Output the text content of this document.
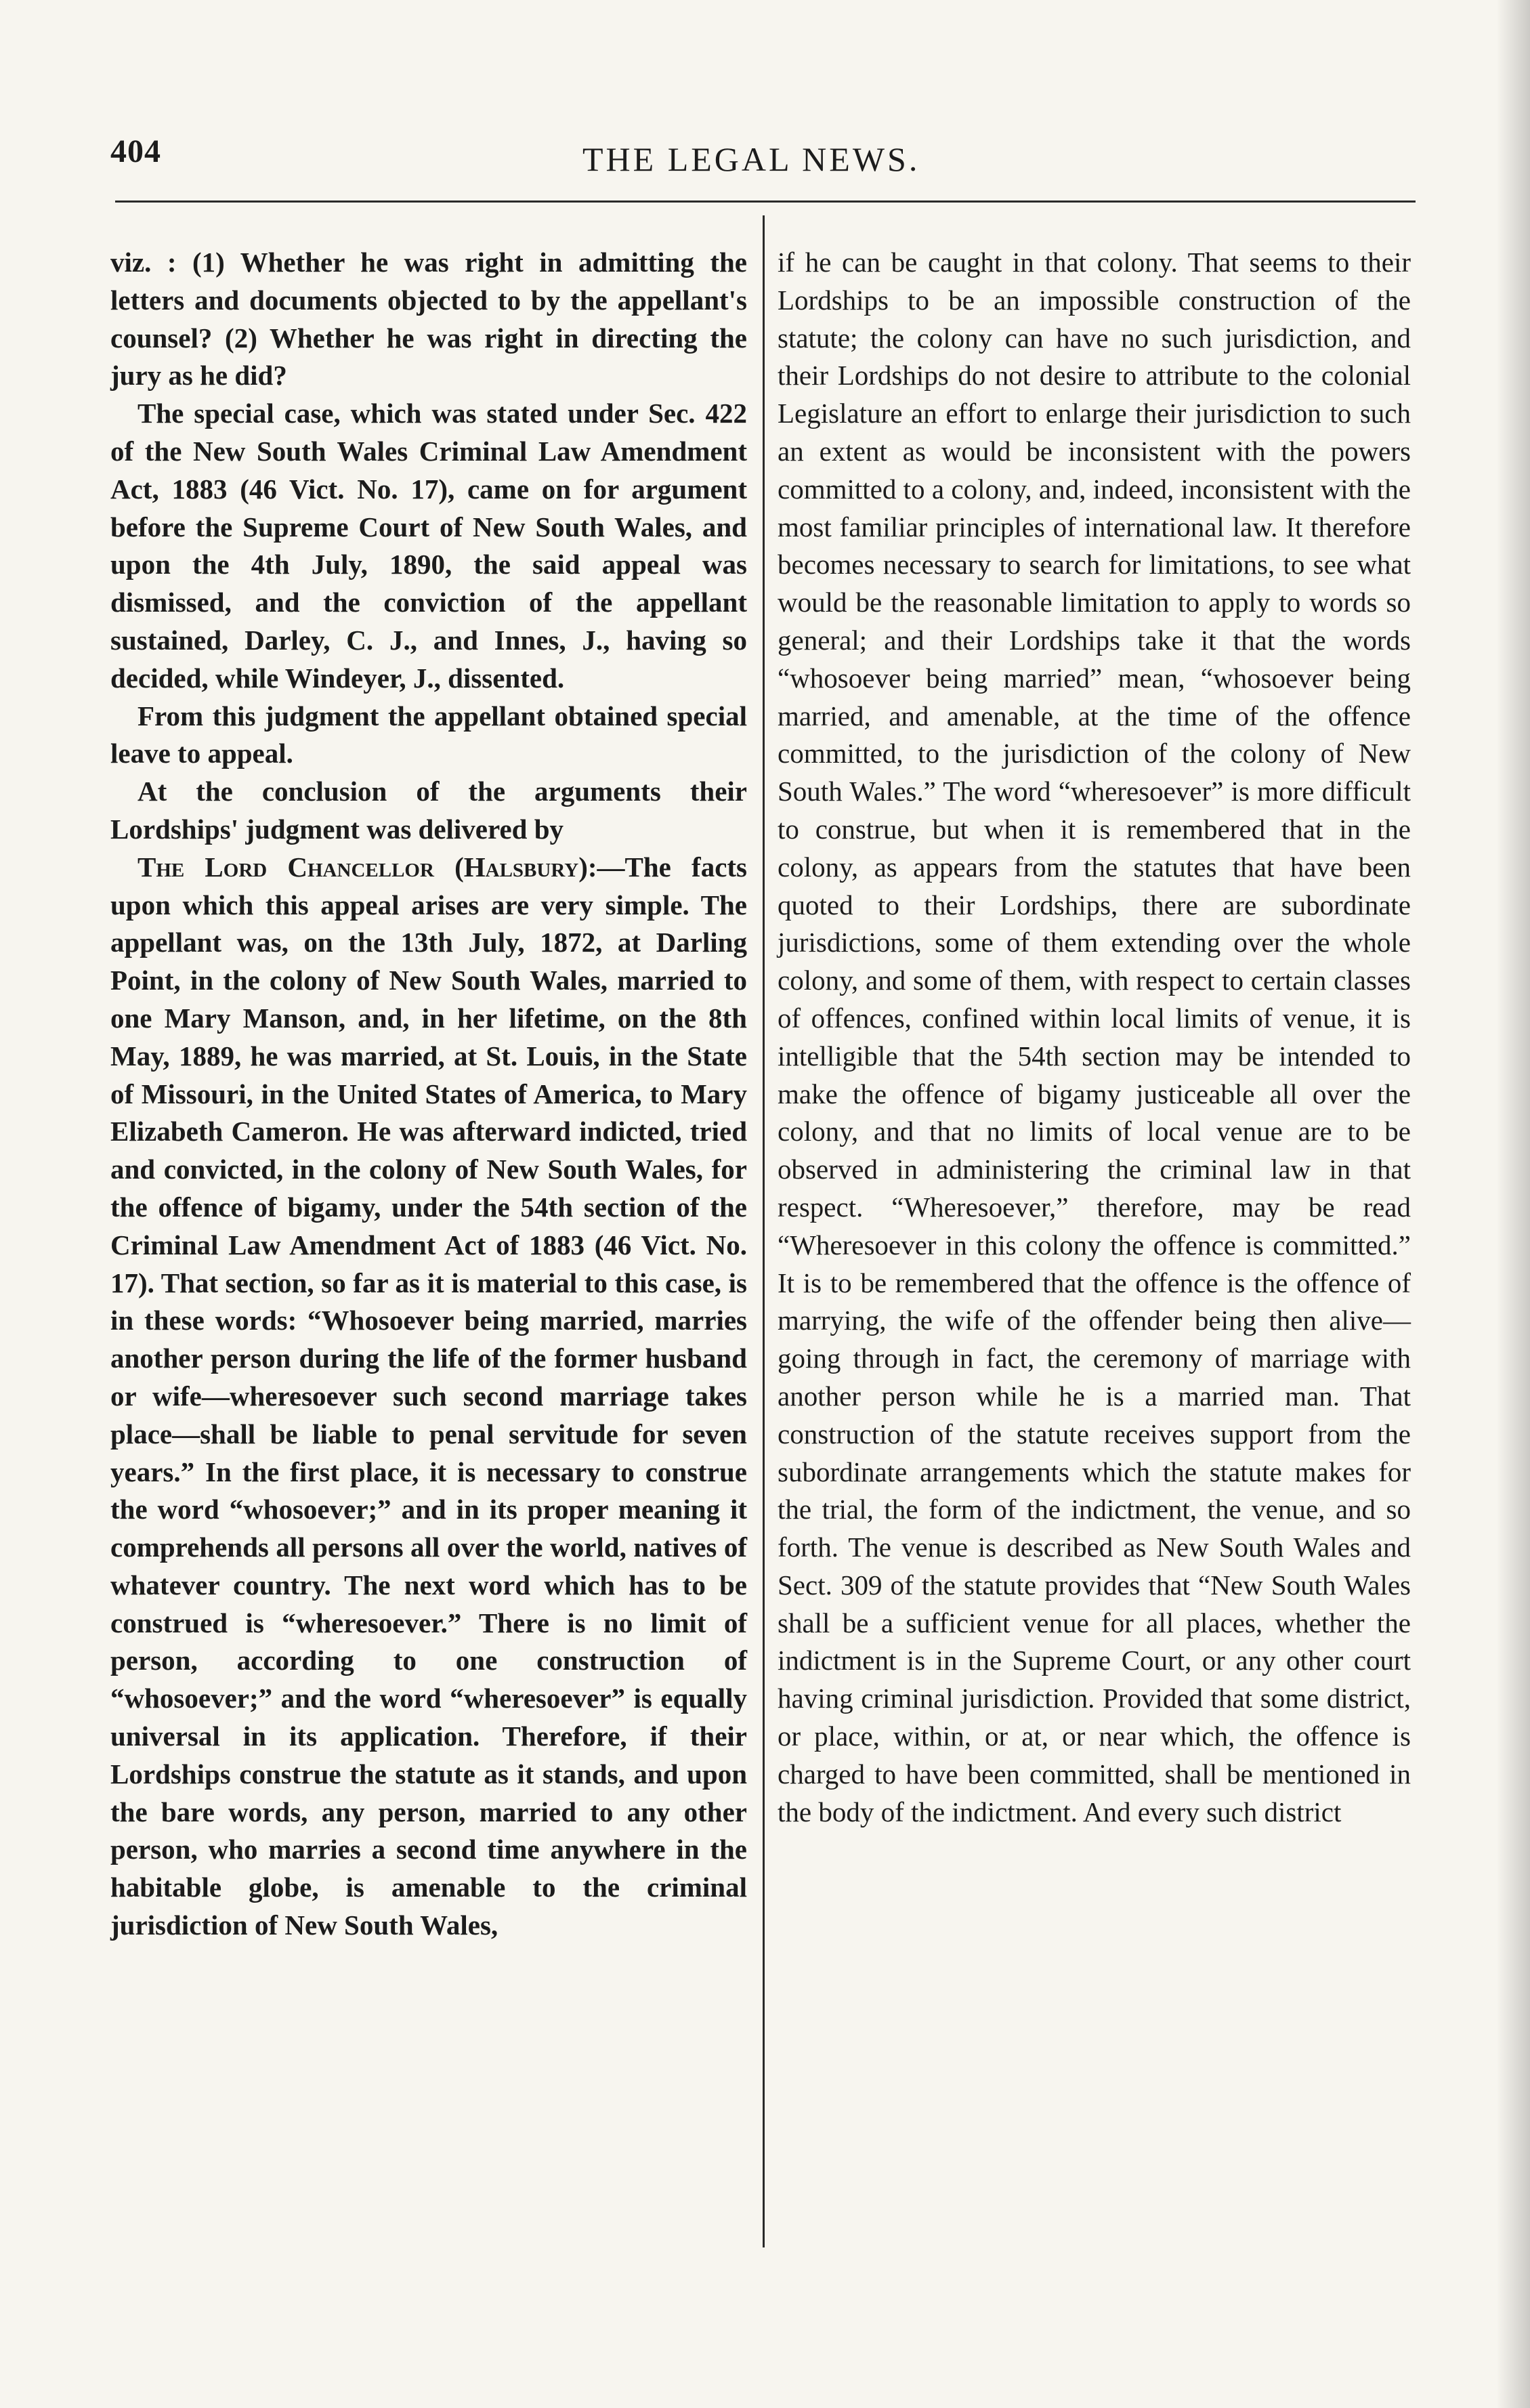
404	THE LEGAL NEWS.

viz. : (1) Whether he was right in admitting the letters and documents objected to by the appellant's counsel? (2) Whether he was right in directing the jury as he did?

The special case, which was stated under Sec. 422 of the New South Wales Criminal Law Amendment Act, 1883 (46 Vict. No. 17), came on for argument before the Supreme Court of New South Wales, and upon the 4th July, 1890, the said appeal was dismissed, and the conviction of the appellant sustained, Darley, C. J., and Innes, J., having so decided, while Windeyer, J., dissented.

From this judgment the appellant obtained special leave to appeal.

At the conclusion of the arguments their Lordships' judgment was delivered by

The Lord Chancellor (Halsbury):—The facts upon which this appeal arises are very simple. The appellant was, on the 13th July, 1872, at Darling Point, in the colony of New South Wales, married to one Mary Manson, and, in her lifetime, on the 8th May, 1889, he was married, at St. Louis, in the State of Missouri, in the United States of America, to Mary Elizabeth Cameron. He was afterward indicted, tried and convicted, in the colony of New South Wales, for the offence of bigamy, under the 54th section of the Criminal Law Amendment Act of 1883 (46 Vict. No. 17). That section, so far as it is material to this case, is in these words: “Whosoever being married, marries another person during the life of the former husband or wife—wheresoever such second marriage takes place—shall be liable to penal servitude for seven years.” In the first place, it is necessary to construe the word “whosoever;” and in its proper meaning it comprehends all persons all over the world, natives of whatever country. The next word which has to be construed is “wheresoever.” There is no limit of person, according to one construction of “whosoever;” and the word “wheresoever” is equally universal in its application. Therefore, if their Lordships construe the statute as it stands, and upon the bare words, any person, married to any other person, who marries a second time anywhere in the habitable globe, is amenable to the criminal jurisdiction of New South Wales,

if he can be caught in that colony. That seems to their Lordships to be an impossible construction of the statute; the colony can have no such jurisdiction, and their Lordships do not desire to attribute to the colonial Legislature an effort to enlarge their jurisdiction to such an extent as would be inconsistent with the powers committed to a colony, and, indeed, inconsistent with the most familiar principles of international law. It therefore becomes necessary to search for limitations, to see what would be the reasonable limitation to apply to words so general; and their Lordships take it that the words “whosoever being married” mean, “whosoever being married, and amenable, at the time of the offence committed, to the jurisdiction of the colony of New South Wales.” The word “wheresoever” is more difficult to construe, but when it is remembered that in the colony, as appears from the statutes that have been quoted to their Lordships, there are subordinate jurisdictions, some of them extending over the whole colony, and some of them, with respect to certain classes of offences, confined within local limits of venue, it is intelligible that the 54th section may be intended to make the offence of bigamy justiceable all over the colony, and that no limits of local venue are to be observed in administering the criminal law in that respect. “Wheresoever,” therefore, may be read “Wheresoever in this colony the offence is committed.” It is to be remembered that the offence is the offence of marrying, the wife of the offender being then alive—going through in fact, the ceremony of marriage with another person while he is a married man. That construction of the statute receives support from the subordinate arrangements which the statute makes for the trial, the form of the indictment, the venue, and so forth. The venue is described as New South Wales and Sect. 309 of the statute provides that “New South Wales shall be a sufficient venue for all places, whether the indictment is in the Supreme Court, or any other court having criminal jurisdiction. Provided that some district, or place, within, or at, or near which, the offence is charged to have been committed, shall be mentioned in the body of the indictment. And every such district
